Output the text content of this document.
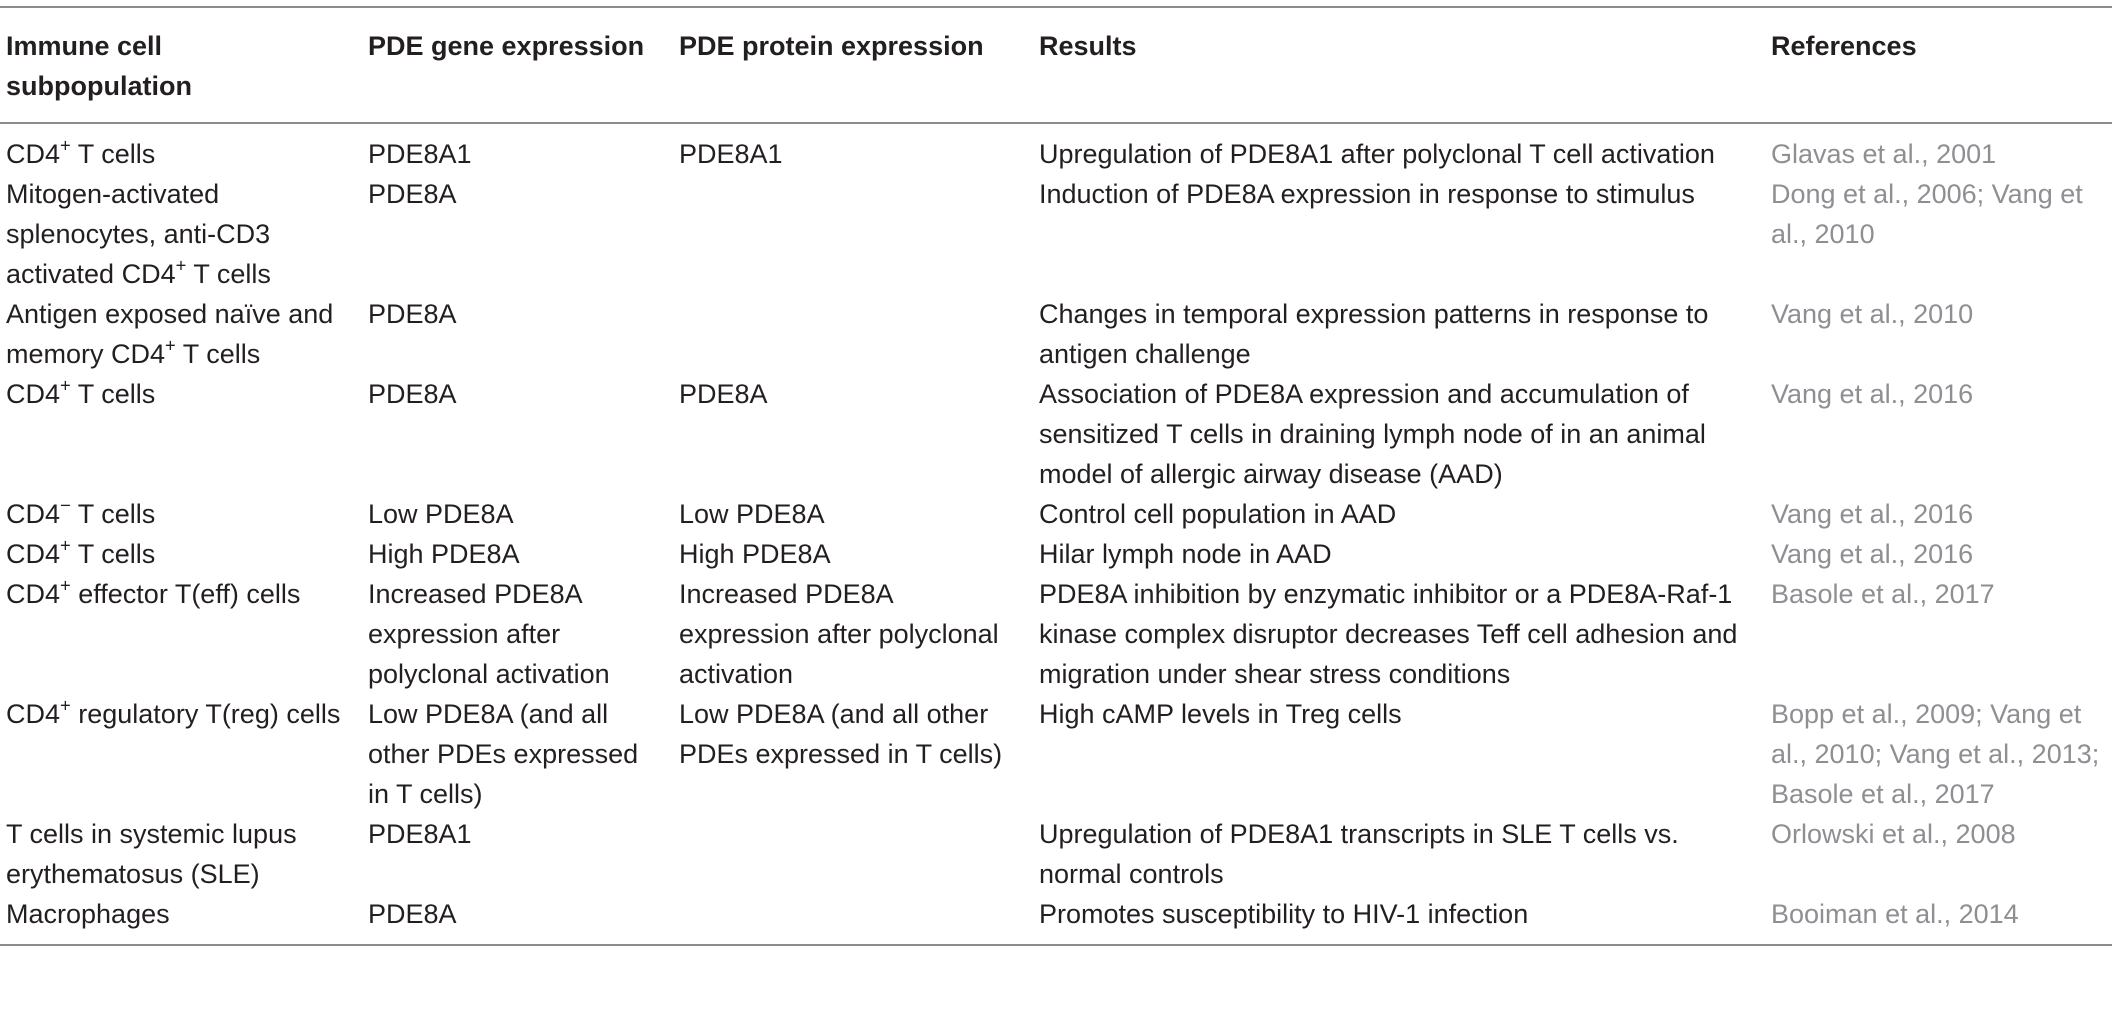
Immune cell subpopulation	PDE gene expression	PDE protein expression	Results	References
CD4+ T cells	PDE8A1	PDE8A1	Upregulation of PDE8A1 after polyclonal T cell activation	Glavas et al., 2001
Mitogen-activated splenocytes, anti-CD3 activated CD4+ T cells	PDE8A		Induction of PDE8A expression in response to stimulus	Dong et al., 2006; Vang et al., 2010
Antigen exposed naïve and memory CD4+ T cells	PDE8A		Changes in temporal expression patterns in response to antigen challenge	Vang et al., 2010
CD4+ T cells	PDE8A	PDE8A	Association of PDE8A expression and accumulation of sensitized T cells in draining lymph node of in an animal model of allergic airway disease (AAD)	Vang et al., 2016
CD4− T cells	Low PDE8A	Low PDE8A	Control cell population in AAD	Vang et al., 2016
CD4+ T cells	High PDE8A	High PDE8A	Hilar lymph node in AAD	Vang et al., 2016
CD4+ effector T(eff) cells	Increased PDE8A expression after polyclonal activation	Increased PDE8A expression after polyclonal activation	PDE8A inhibition by enzymatic inhibitor or a PDE8A-Raf-1 kinase complex disruptor decreases Teff cell adhesion and migration under shear stress conditions	Basole et al., 2017
CD4+ regulatory T(reg) cells	Low PDE8A (and all other PDEs expressed in T cells)	Low PDE8A (and all other PDEs expressed in T cells)	High cAMP levels in Treg cells	Bopp et al., 2009; Vang et al., 2010; Vang et al., 2013; Basole et al., 2017
T cells in systemic lupus erythematosus (SLE)	PDE8A1		Upregulation of PDE8A1 transcripts in SLE T cells vs. normal controls	Orlowski et al., 2008
Macrophages	PDE8A		Promotes susceptibility to HIV-1 infection	Booiman et al., 2014
